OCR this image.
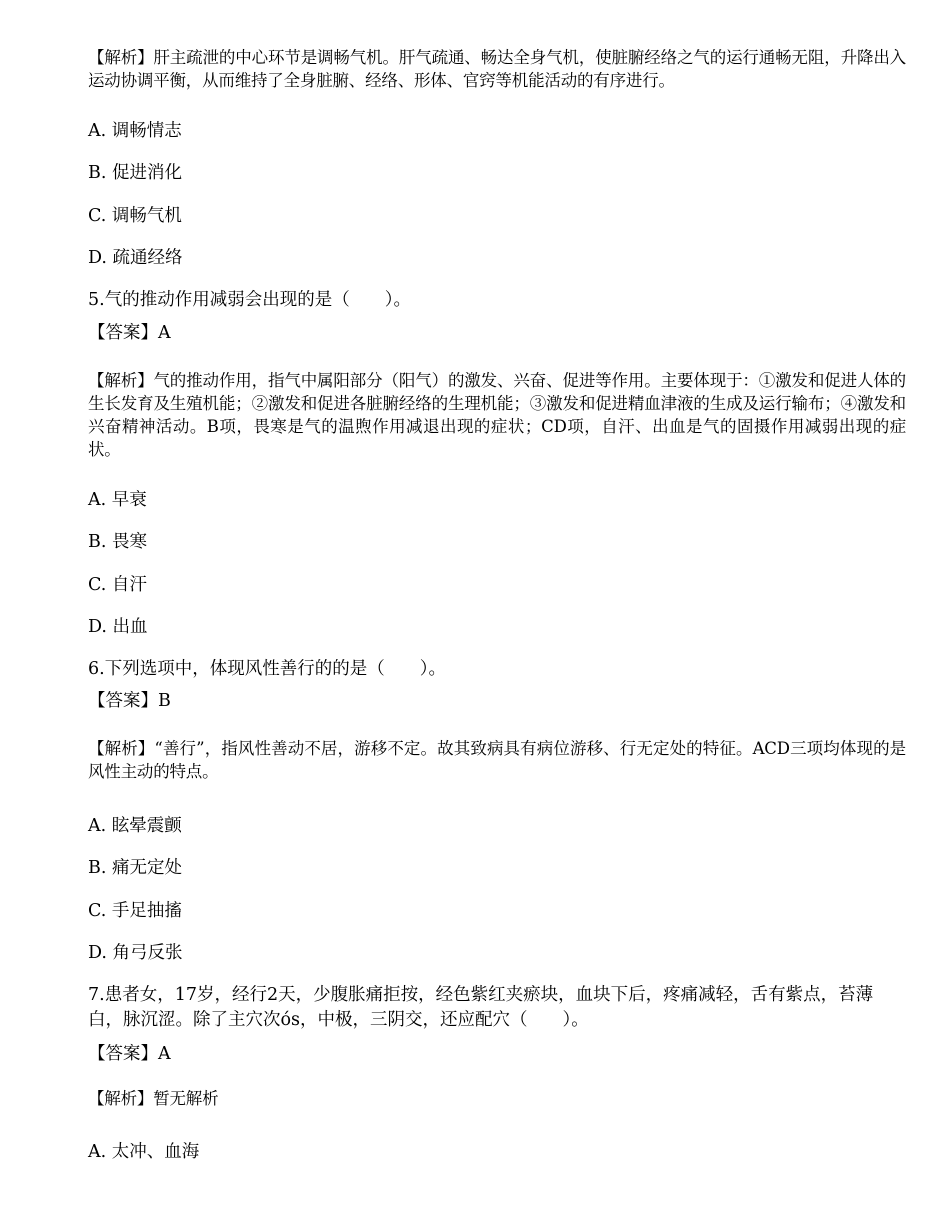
【解析】肝主疏泄的中心环节是调畅气机。肝气疏通、畅达全身气机，使脏腑经络之气的运行通畅无阻，升降出入运动协调平衡，从而维持了全身脏腑、经络、形体、官窍等机能活动的有序进行。

A. 调畅情志

B. 促进消化

C. 调畅气机

D. 疏通经络

5.气的推动作用减弱会出现的是（　　）。

【答案】A

【解析】气的推动作用，指气中属阳部分（阳气）的激发、兴奋、促进等作用。主要体现于：①激发和促进人体的生长发育及生殖机能；②激发和促进各脏腑经络的生理机能；③激发和促进精血津液的生成及运行输布；④激发和兴奋精神活动。B项，畏寒是气的温煦作用减退出现的症状；CD项，自汗、出血是气的固摄作用减弱出现的症状。

A. 早衰

B. 畏寒

C. 自汗

D. 出血

6.下列选项中，体现风性善行的的是（　　）。

【答案】B

【解析】“善行”，指风性善动不居，游移不定。故其致病具有病位游移、行无定处的特征。ACD三项均体现的是风性主动的特点。

A. 眩晕震颤

B. 痛无定处

C. 手足抽搐

D. 角弓反张

7.患者女，17岁，经行2天，少腹胀痛拒按，经色紫红夹瘀块，血块下后，疼痛减轻，舌有紫点，苔薄白，脉沉涩。除了主穴次ós，中极，三阴交，还应配穴（　　）。

【答案】A

【解析】暂无解析

A. 太冲、血海
